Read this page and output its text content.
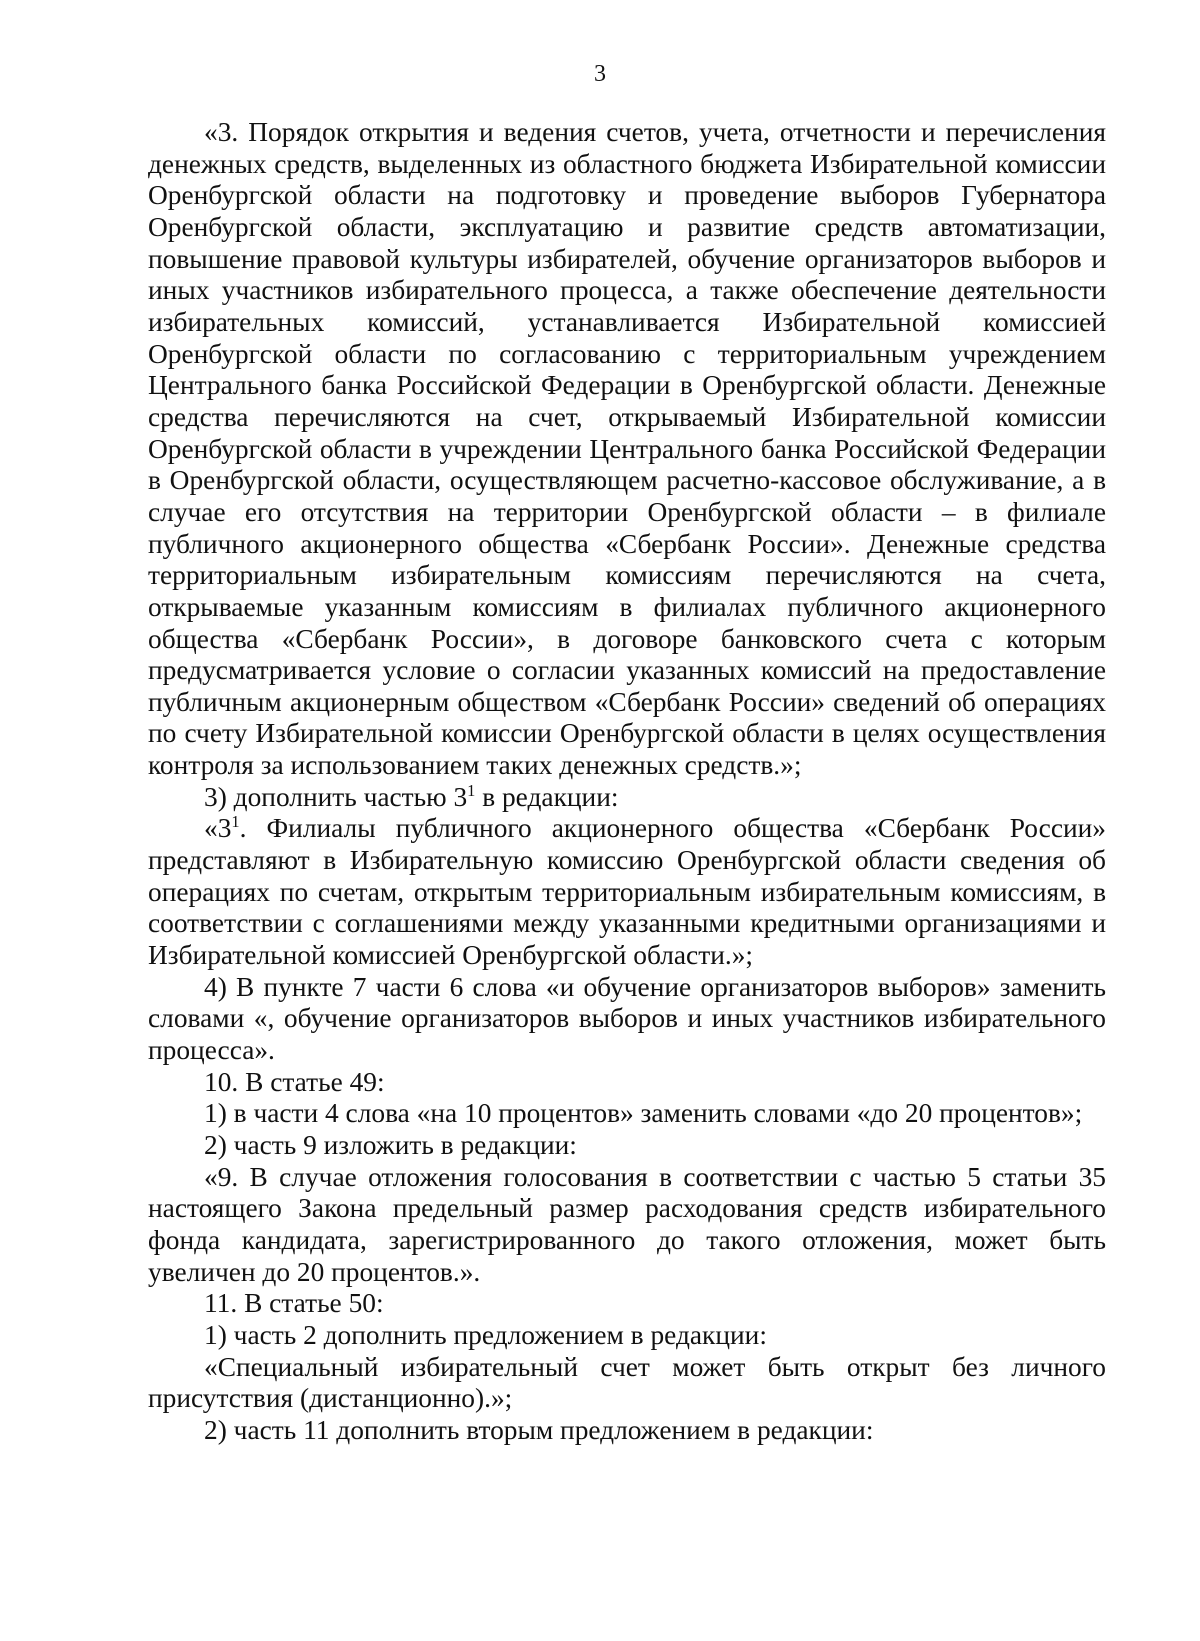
3

«3. Порядок открытия и ведения счетов, учета, отчетности и перечисления денежных средств, выделенных из областного бюджета Избирательной комиссии Оренбургской области на подготовку и проведение выборов Губернатора Оренбургской области, эксплуатацию и развитие средств автоматизации, повышение правовой культуры избирателей, обучение организаторов выборов и иных участников избирательного процесса, а также обеспечение деятельности избирательных комиссий, устанавливается Избирательной комиссией Оренбургской области по согласованию с территориальным учреждением Центрального банка Российской Федерации в Оренбургской области. Денежные средства перечисляются на счет, открываемый Избирательной комиссии Оренбургской области в учреждении Центрального банка Российской Федерации в Оренбургской области, осуществляющем расчетно-кассовое обслуживание, а в случае его отсутствия на территории Оренбургской области – в филиале публичного акционерного общества «Сбербанк России». Денежные средства территориальным избирательным комиссиям перечисляются на счета, открываемые указанным комиссиям в филиалах публичного акционерного общества «Сбербанк России», в договоре банковского счета с которым предусматривается условие о согласии указанных комиссий на предоставление публичным акционерным обществом «Сбербанк России» сведений об операциях по счету Избирательной комиссии Оренбургской области в целях осуществления контроля за использованием таких денежных средств.»;

3) дополнить частью $3^1$ в редакции:

«$3^1$. Филиалы публичного акционерного общества «Сбербанк России» представляют в Избирательную комиссию Оренбургской области сведения об операциях по счетам, открытым территориальным избирательным комиссиям, в соответствии с соглашениями между указанными кредитными организациями и Избирательной комиссией Оренбургской области.»;

4) В пункте 7 части 6 слова «и обучение организаторов выборов» заменить словами «, обучение организаторов выборов и иных участников избирательного процесса».

10. В статье 49:

1) в части 4 слова «на 10 процентов» заменить словами «до 20 процентов»;

2) часть 9 изложить в редакции:

«9. В случае отложения голосования в соответствии с частью 5 статьи 35 настоящего Закона предельный размер расходования средств избирательного фонда кандидата, зарегистрированного до такого отложения, может быть увеличен до 20 процентов.».

11. В статье 50:

1) часть 2 дополнить предложением в редакции:

«Специальный избирательный счет может быть открыт без личного присутствия (дистанционно).»;

2) часть 11 дополнить вторым предложением в редакции:
